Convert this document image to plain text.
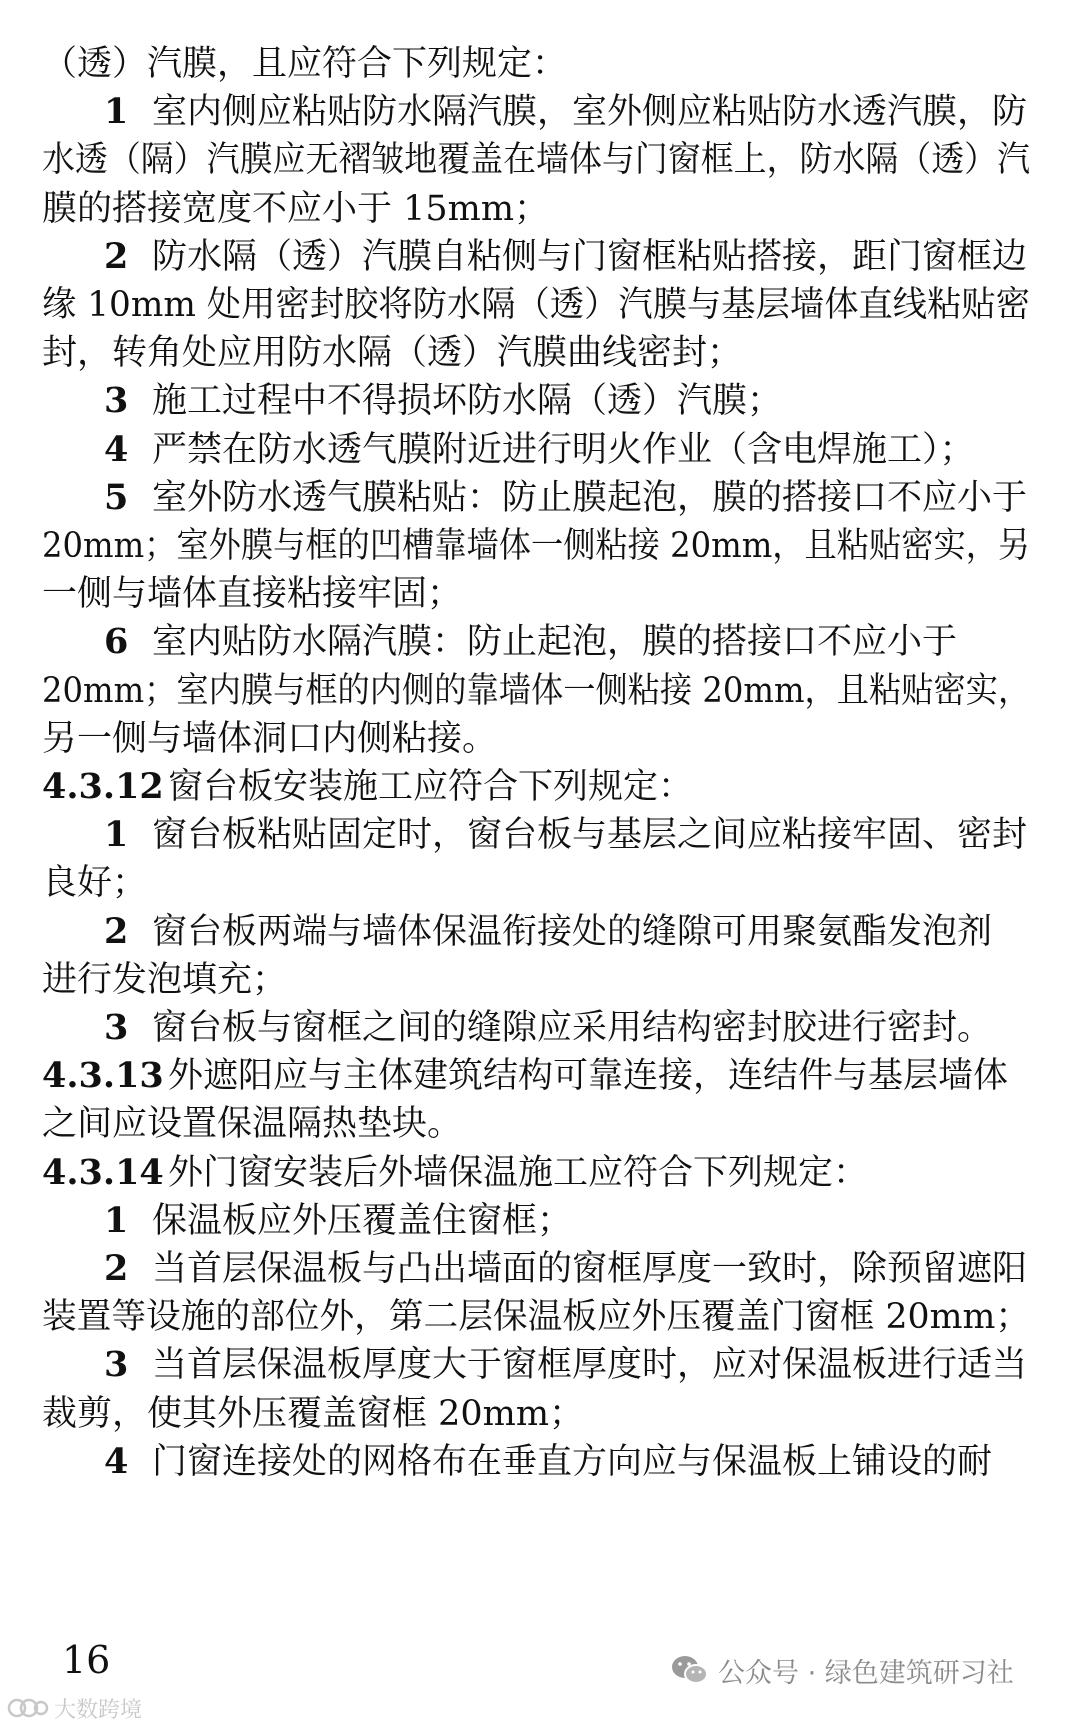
（透）汽膜，且应符合下列规定：
1 室内侧应粘贴防水隔汽膜，室外侧应粘贴防水透汽膜，防
水透（隔）汽膜应无褶皱地覆盖在墙体与门窗框上，防水隔（透）汽
膜的搭接宽度不应小于 15mm；
2 防水隔（透）汽膜自粘侧与门窗框粘贴搭接，距门窗框边
缘 10mm 处用密封胶将防水隔（透）汽膜与基层墙体直线粘贴密
封，转角处应用防水隔（透）汽膜曲线密封；
3 施工过程中不得损坏防水隔（透）汽膜；
4 严禁在防水透气膜附近进行明火作业（含电焊施工）；
5 室外防水透气膜粘贴：防止膜起泡，膜的搭接口不应小于
20mm；室外膜与框的凹槽靠墙体一侧粘接 20mm，且粘贴密实，另
一侧与墙体直接粘接牢固；
6 室内贴防水隔汽膜：防止起泡，膜的搭接口不应小于
20mm；室内膜与框的内侧的靠墙体一侧粘接 20mm，且粘贴密实，
另一侧与墙体洞口内侧粘接。
4.3.12 窗台板安装施工应符合下列规定：
1 窗台板粘贴固定时，窗台板与基层之间应粘接牢固、密封
良好；
2 窗台板两端与墙体保温衔接处的缝隙可用聚氨酯发泡剂
进行发泡填充；
3 窗台板与窗框之间的缝隙应采用结构密封胶进行密封。
4.3.13 外遮阳应与主体建筑结构可靠连接，连结件与基层墙体
之间应设置保温隔热垫块。
4.3.14 外门窗安装后外墙保温施工应符合下列规定：
1 保温板应外压覆盖住窗框；
2 当首层保温板与凸出墙面的窗框厚度一致时，除预留遮阳
装置等设施的部位外，第二层保温板应外压覆盖门窗框 20mm；
3 当首层保温板厚度大于窗框厚度时，应对保温板进行适当
裁剪，使其外压覆盖窗框 20mm；
4 门窗连接处的网格布在垂直方向应与保温板上铺设的耐
16	公众号 · 绿色建筑研习社
大数跨境
